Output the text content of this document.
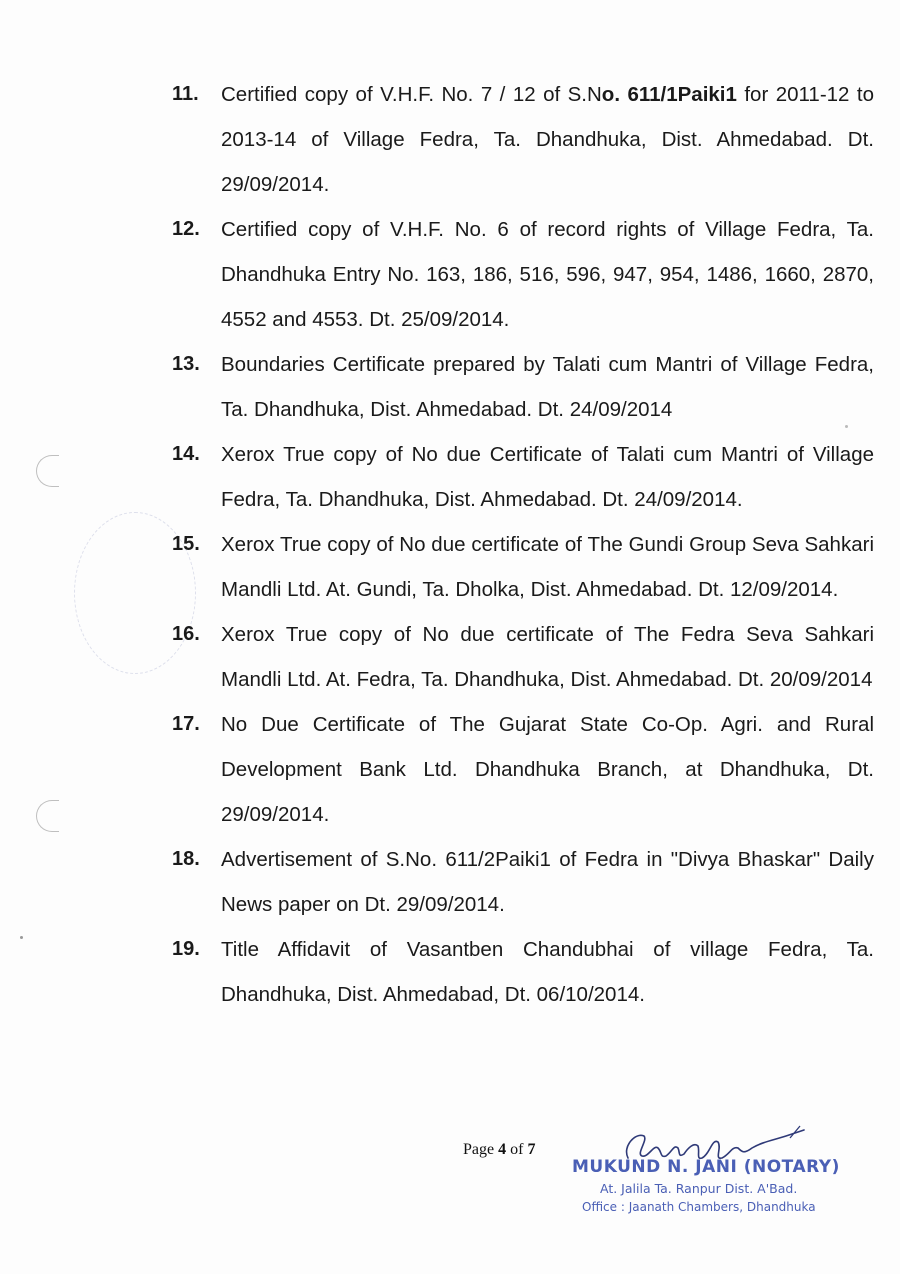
11. Certified copy of V.H.F. No. 7 / 12 of S.No. 611/1Paiki1 for 2011-12 to 2013-14 of Village Fedra, Ta. Dhandhuka, Dist. Ahmedabad. Dt. 29/09/2014.
12. Certified copy of V.H.F. No. 6 of record rights of Village Fedra, Ta. Dhandhuka Entry No. 163, 186, 516, 596, 947, 954, 1486, 1660, 2870, 4552 and 4553. Dt. 25/09/2014.
13. Boundaries Certificate prepared by Talati cum Mantri of Village Fedra, Ta. Dhandhuka, Dist. Ahmedabad. Dt. 24/09/2014
14. Xerox True copy of No due Certificate of Talati cum Mantri of Village Fedra, Ta. Dhandhuka, Dist. Ahmedabad. Dt. 24/09/2014.
15. Xerox True copy of No due certificate of The Gundi Group Seva Sahkari Mandli Ltd. At. Gundi, Ta. Dholka, Dist. Ahmedabad. Dt. 12/09/2014.
16. Xerox True copy of No due certificate of The Fedra Seva Sahkari Mandli Ltd. At. Fedra, Ta. Dhandhuka, Dist. Ahmedabad. Dt. 20/09/2014
17. No Due Certificate of The Gujarat State Co-Op. Agri. and Rural Development Bank Ltd. Dhandhuka Branch, at Dhandhuka, Dt. 29/09/2014.
18. Advertisement of S.No. 611/2Paiki1 of Fedra in "Divya Bhaskar" Daily News paper on Dt. 29/09/2014.
19. Title Affidavit of Vasantben Chandubhai of village Fedra, Ta. Dhandhuka, Dist. Ahmedabad, Dt. 06/10/2014.
Page 4 of 7
MUKUND N. JANI (NOTARY)
At. Jalila Ta. Ranpur Dist. A'Bad.
Office : Jaanath Chambers, Dhandhuka
